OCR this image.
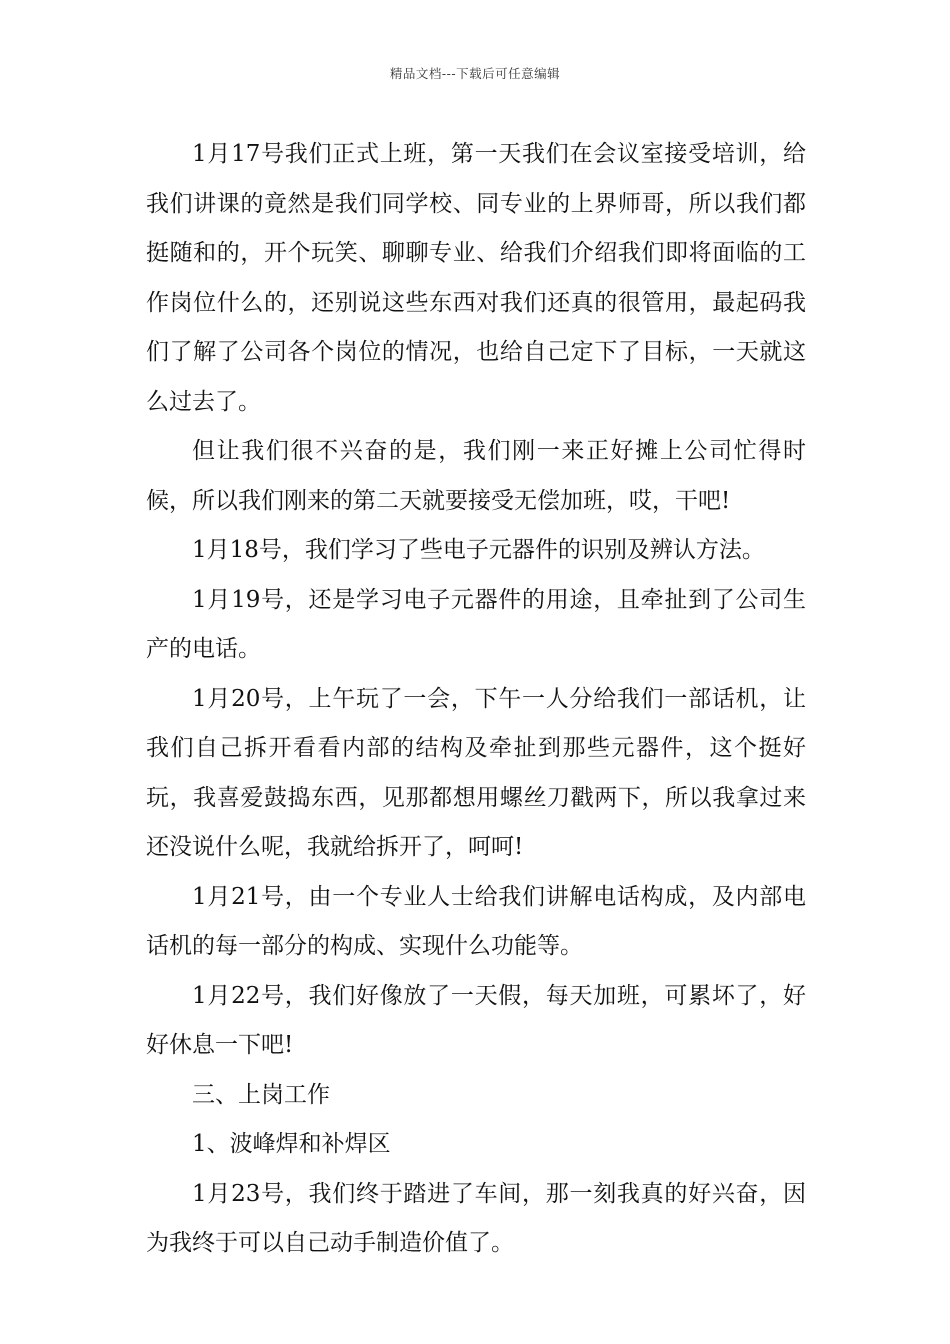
精品文档---下载后可任意编辑

1月17号我们正式上班，第一天我们在会议室接受培训，给我们讲课的竟然是我们同学校、同专业的上界师哥，所以我们都挺随和的，开个玩笑、聊聊专业、给我们介绍我们即将面临的工作岗位什么的，还别说这些东西对我们还真的很管用，最起码我们了解了公司各个岗位的情况，也给自己定下了目标，一天就这么过去了。

但让我们很不兴奋的是，我们刚一来正好摊上公司忙得时候，所以我们刚来的第二天就要接受无偿加班，哎，干吧!

1月18号，我们学习了些电子元器件的识别及辨认方法。

1月19号，还是学习电子元器件的用途，且牵扯到了公司生产的电话。

1月20号，上午玩了一会，下午一人分给我们一部话机，让我们自己拆开看看内部的结构及牵扯到那些元器件，这个挺好玩，我喜爱鼓捣东西，见那都想用螺丝刀戳两下，所以我拿过来还没说什么呢，我就给拆开了，呵呵!

1月21号，由一个专业人士给我们讲解电话构成，及内部电话机的每一部分的构成、实现什么功能等。

1月22号，我们好像放了一天假，每天加班，可累坏了，好好休息一下吧!

三、上岗工作

1、波峰焊和补焊区

1月23号，我们终于踏进了车间，那一刻我真的好兴奋，因为我终于可以自己动手制造价值了。
